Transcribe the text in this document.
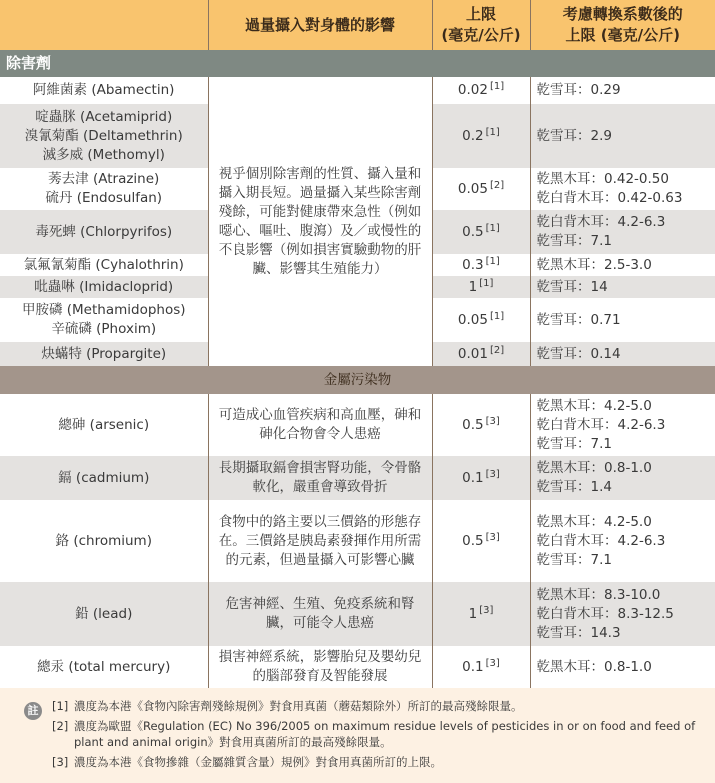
	過量攝入對身體的影響	上限
(毫克/公斤)	考慮轉換系數後的
上限 (毫克/公斤)
除害劑			
阿維菌素 (Abamectin)	視乎個別除害劑的性質、攝入量和攝入期長短。過量攝入某些除害劑殘餘，可能對健康帶來急性（例如噁心、嘔吐、腹瀉）及／或慢性的不良影響（例如損害實驗動物的肝臟、影響其生殖能力）	0.02 [1]	乾雪耳：0.29
啶蟲脒 (Acetamiprid)
溴氰菊酯 (Deltamethrin)
滅多威 (Methomyl)		0.2 [1]	乾雪耳：2.9
莠去津 (Atrazine)
硫丹 (Endosulfan)		0.05 [2]	乾黑木耳：0.42-0.50
乾白背木耳：0.42-0.63
毒死蜱 (Chlorpyrifos)		0.5 [1]	乾白背木耳：4.2-6.3
乾雪耳：7.1
氯氟氰菊酯 (Cyhalothrin)		0.3 [1]	乾黑木耳：2.5-3.0
吡蟲啉 (Imidacloprid)		1 [1]	乾雪耳：14
甲胺磷 (Methamidophos)
辛硫磷 (Phoxim)		0.05 [1]	乾雪耳：0.71
炔蟎特 (Propargite)		0.01 [2]	乾雪耳：0.14
金屬污染物			
總砷 (arsenic)	可造成心血管疾病和高血壓，砷和砷化合物會令人患癌	0.5 [3]	乾黑木耳：4.2-5.0
乾白背木耳：4.2-6.3
乾雪耳：7.1
鎘 (cadmium)	長期攝取鎘會損害腎功能，令骨骼軟化，嚴重會導致骨折	0.1 [3]	乾黑木耳：0.8-1.0
乾雪耳：1.4
鉻 (chromium)	食物中的鉻主要以三價鉻的形態存在。三價鉻是胰島素發揮作用所需的元素，但過量攝入可影響心臟	0.5 [3]	乾黑木耳：4.2-5.0
乾白背木耳：4.2-6.3
乾雪耳：7.1
鉛 (lead)	危害神經、生殖、免疫系統和腎臟，可能令人患癌	1 [3]	乾黑木耳：8.3-10.0
乾白背木耳：8.3-12.5
乾雪耳：14.3
總汞 (total mercury)	損害神經系統，影響胎兒及嬰幼兒的腦部發育及智能發展	0.1 [3]	乾黑木耳：0.8-1.0
註	[1] 濃度為本港《食物內除害劑殘餘規例》對食用真菌（蘑菇類除外）所訂的最高殘餘限量。
[2] 濃度為歐盟《Regulation (EC) No 396/2005 on maximum residue levels of pesticides in or on food and feed of plant and animal origin》對食用真菌所訂的最高殘餘限量。
[3] 濃度為本港《食物摻雜（金屬雜質含量）規例》對食用真菌所訂的上限。
